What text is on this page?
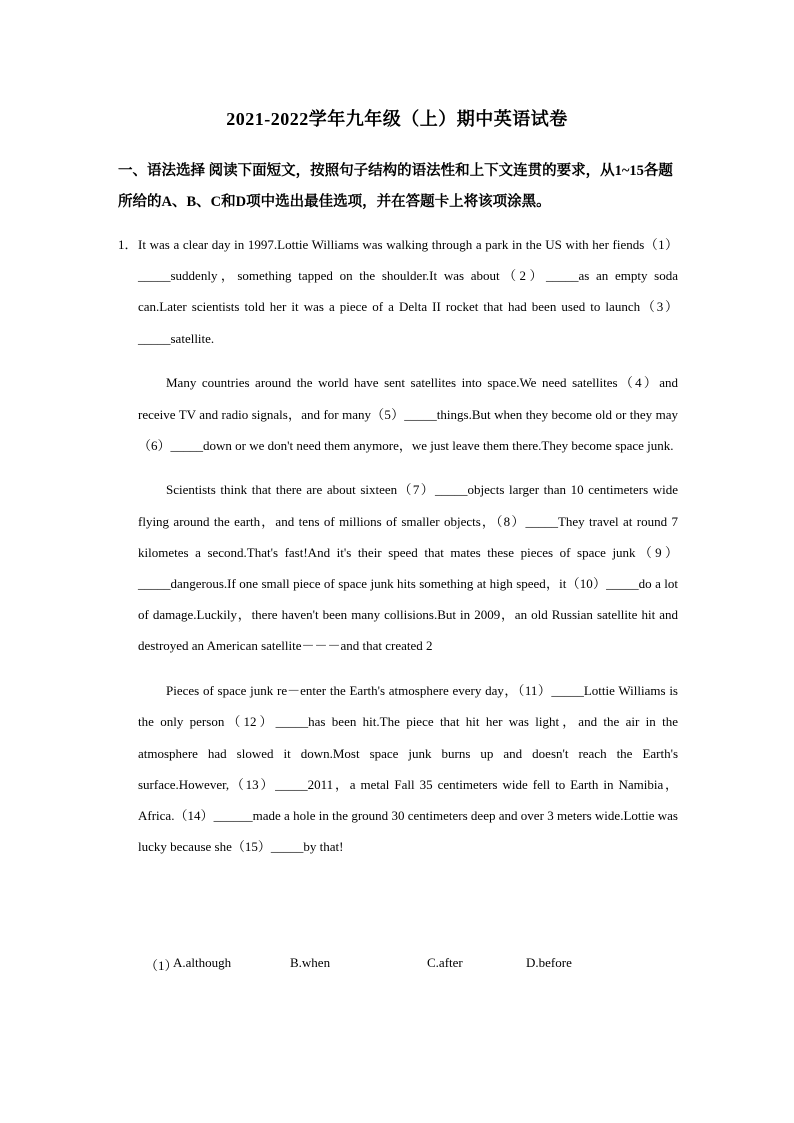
2021-2022学年九年级（上）期中英语试卷
一、语法选择 阅读下面短文，按照句子结构的语法性和上下文连贯的要求，从1~15各题所给的A、B、C和D项中选出最佳选项，并在答题卡上将该项涂黑。
1． It was a clear day in 1997.Lottie Williams was walking through a park in the US with her fiends（1）_____suddenly，something tapped on the shoulder.It was about（2）_____as an empty soda can.Later scientists told her it was a piece of a Delta II rocket that had been used to launch（3）_____satellite.

Many countries around the world have sent satellites into space.We need satellites（4）and receive TV and radio signals，and for many（5）_____things.But when they become old or they may（6）_____down or we don't need them anymore，we just leave them there.They become space junk.

Scientists think that there are about sixteen（7）_____objects larger than 10 centimeters wide flying around the earth，and tens of millions of smaller objects，（8）_____They travel at round 7 kilometes a second.That's fast!And it's their speed that mates these pieces of space junk（9）_____dangerous.If one small piece of space junk hits something at high speed，it（10）_____do a lot of damage.Luckily，there haven't been many collisions.But in 2009，an old Russian satellite hit and destroyed an American satellite－－－and that created 2

Pieces of space junk re－enter the Earth's atmosphere every day，（11）_____Lottie Williams is the only person（12）_____has been hit.The piece that hit her was light，and the air in the atmosphere had slowed it down.Most space junk burns up and doesn't reach the Earth's surface.However,（13）_____2011，a metal Fall 35 centimeters wide fell to Earth in Namibia，Africa.（14）______made a hole in the ground 30 centimeters deep and over 3 meters wide.Lottie was lucky because she（15）_____by that!

（1）
A.although	B.when	C.after	D.before
